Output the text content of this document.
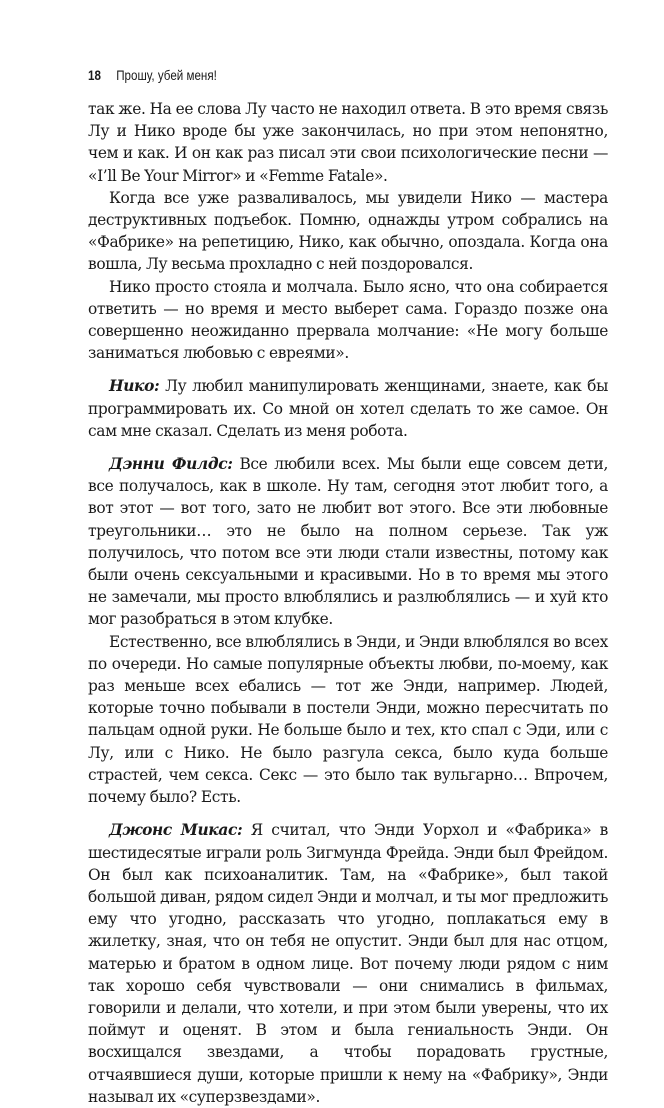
18 Прошу, убей меня!

так же. На ее слова Лу часто не находил ответа. В это время связь Лу и Нико вроде бы уже закончилась, но при этом непонятно, чем и как. И он как раз писал эти свои психологические песни — «I’ll Be Your Mirror» и «Femme Fatale».

Когда все уже разваливалось, мы увидели Нико — мастера деструктивных подъебок. Помню, однажды утром собрались на «Фабрике» на репетицию, Нико, как обычно, опоздала. Когда она вошла, Лу весьма прохладно с ней поздоровался.

Нико просто стояла и молчала. Было ясно, что она собирается ответить — но время и место выберет сама. Гораздо позже она совершенно неожиданно прервала молчание: «Не могу больше заниматься любовью с евреями».

Нико: Лу любил манипулировать женщинами, знаете, как бы программировать их. Со мной он хотел сделать то же самое. Он сам мне сказал. Сделать из меня робота.

Дэнни Филдс: Все любили всех. Мы были еще совсем дети, все получалось, как в школе. Ну там, сегодня этот любит того, а вот этот — вот того, зато не любит вот этого. Все эти любовные треугольники… это не было на полном серьезе. Так уж получилось, что потом все эти люди стали известны, потому как были очень сексуальными и красивыми. Но в то время мы этого не замечали, мы просто влюблялись и разлюблялись — и хуй кто мог разобраться в этом клубке.

Естественно, все влюблялись в Энди, и Энди влюблялся во всех по очереди. Но самые популярные объекты любви, по-моему, как раз меньше всех ебались — тот же Энди, например. Людей, которые точно побывали в постели Энди, можно пересчитать по пальцам одной руки. Не больше было и тех, кто спал с Эди, или с Лу, или с Нико. Не было разгула секса, было куда больше страстей, чем секса. Секс — это было так вульгарно… Впрочем, почему было? Есть.

Джонс Микас: Я считал, что Энди Уорхол и «Фабрика» в шестидесятые играли роль Зигмунда Фрейда. Энди был Фрейдом. Он был как психоаналитик. Там, на «Фабрике», был такой большой диван, рядом сидел Энди и молчал, и ты мог предложить ему что угодно, рассказать что угодно, поплакаться ему в жилетку, зная, что он тебя не опустит. Энди был для нас отцом, матерью и братом в одном лице. Вот почему люди рядом с ним так хорошо себя чувствовали — они снимались в фильмах, говорили и делали, что хотели, и при этом были уверены, что их поймут и оценят. В этом и была гениальность Энди. Он восхищался звездами, а чтобы порадовать грустные, отчаявшиеся души, которые пришли к нему на «Фабрику», Энди называл их «суперзвездами».
